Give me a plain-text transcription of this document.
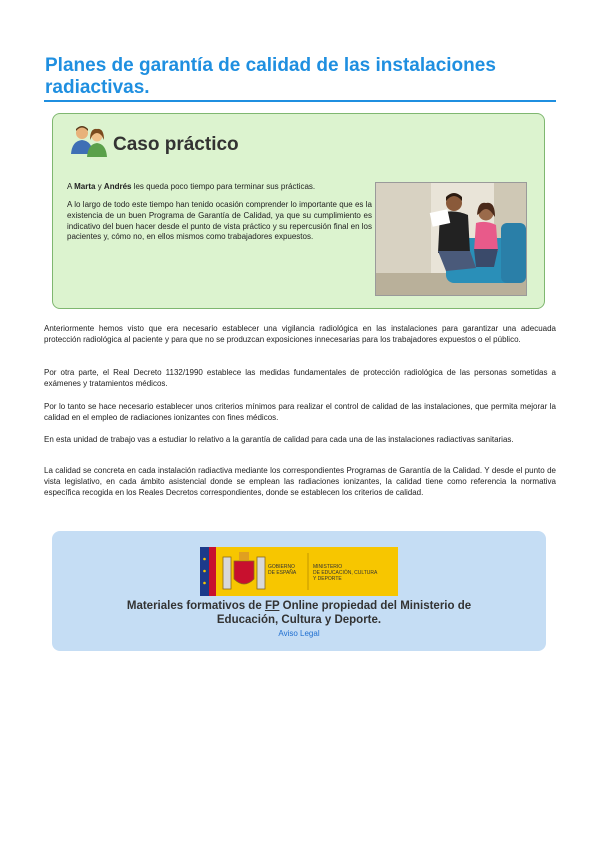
Planes de garantía de calidad de las instalaciones radiactivas.
Caso práctico

A Marta y Andrés les queda poco tiempo para terminar sus prácticas.

A lo largo de todo este tiempo han tenido ocasión comprender lo importante que es la existencia de un buen Programa de Garantía de Calidad, ya que su cumplimiento es indicativo del buen hacer desde el punto de vista práctico y su repercusión final en los pacientes y, cómo no, en ellos mismos como trabajadores expuestos.

Anteriormente hemos visto que era necesario establecer una vigilancia radiológica en las instalaciones para garantizar una adecuada protección radiológica al paciente y para que no se produzcan exposiciones innecesarias para los trabajadores expuestos o el público.

Por otra parte, el Real Decreto 1132/1990 establece las medidas fundamentales de protección radiológica de las personas sometidas a exámenes y tratamientos médicos.

Por lo tanto se hace necesario establecer unos criterios mínimos para realizar el control de calidad de las instalaciones, que permita mejorar la calidad en el empleo de radiaciones ionizantes con fines médicos.

En esta unidad de trabajo vas a estudiar lo relativo a la garantía de calidad para cada una de las instalaciones radiactivas sanitarias.

La calidad se concreta en cada instalación radiactiva mediante los correspondientes Programas de Garantía de la Calidad. Y desde el punto de vista legislativo, en cada ámbito asistencial donde se emplean las radiaciones ionizantes, la calidad tiene como referencia la normativa específica recogida en los Reales Decretos correspondientes, donde se establecen los criterios de calidad.

GOBIERNO
DE ESPAÑA
MINISTERIO
DE EDUCACIÓN, CULTURA
Y DEPORTE
Materiales formativos de FP Online propiedad del Ministerio de
Educación, Cultura y Deporte.
Aviso Legal
